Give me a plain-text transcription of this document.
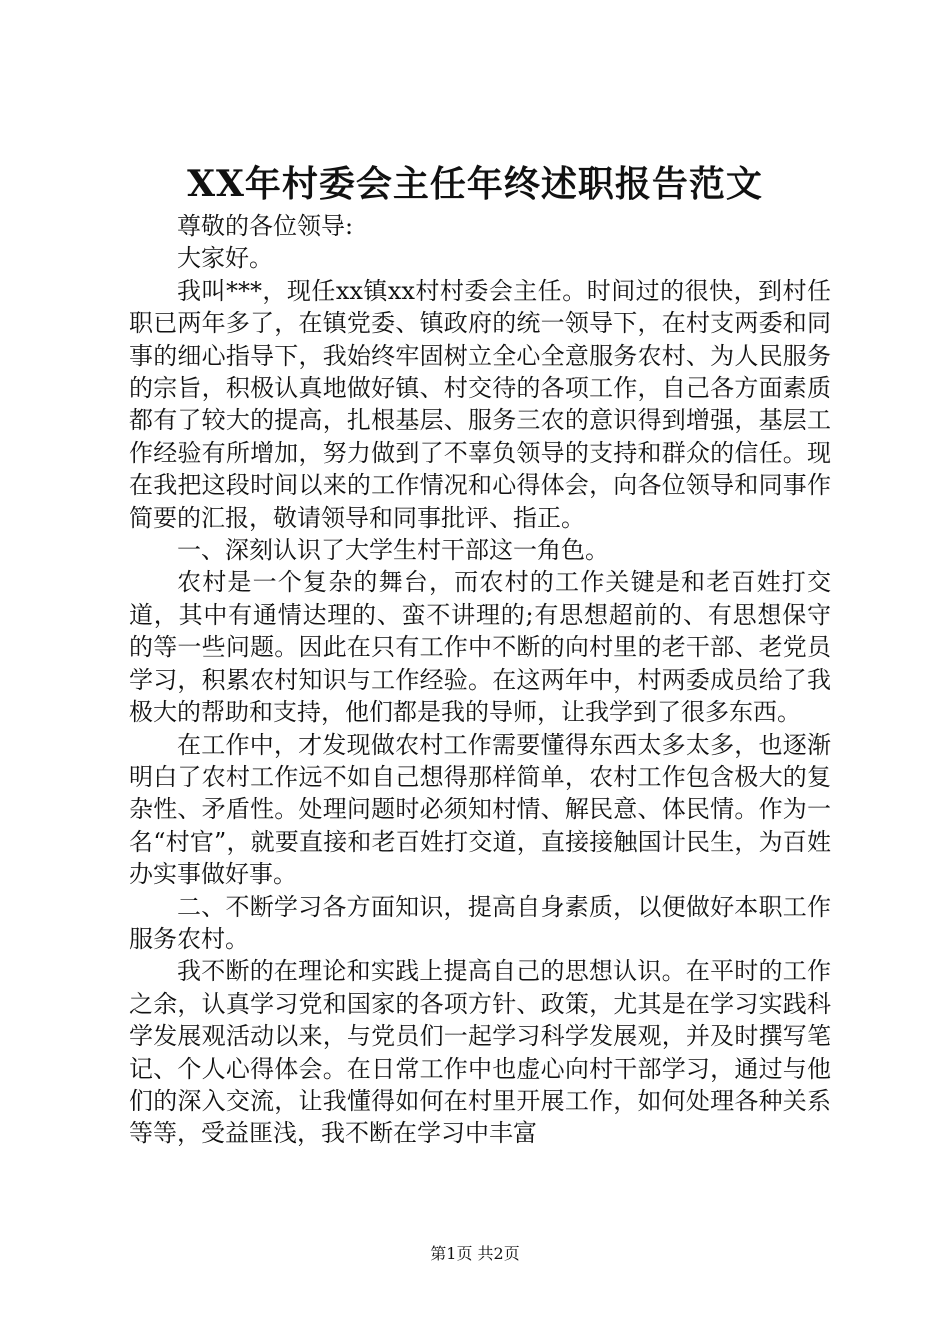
XX年村委会主任年终述职报告范文

尊敬的各位领导:

大家好。

我叫***，现任xx镇xx村村委会主任。时间过的很快，到村任职已两年多了，在镇党委、镇政府的统一领导下，在村支两委和同事的细心指导下，我始终牢固树立全心全意服务农村、为人民服务的宗旨，积极认真地做好镇、村交待的各项工作，自己各方面素质都有了较大的提高，扎根基层、服务三农的意识得到增强，基层工作经验有所增加，努力做到了不辜负领导的支持和群众的信任。现在我把这段时间以来的工作情况和心得体会，向各位领导和同事作简要的汇报，敬请领导和同事批评、指正。

一、深刻认识了大学生村干部这一角色。

农村是一个复杂的舞台，而农村的工作关键是和老百姓打交道，其中有通情达理的、蛮不讲理的;有思想超前的、有思想保守的等一些问题。因此在只有工作中不断的向村里的老干部、老党员学习，积累农村知识与工作经验。在这两年中，村两委成员给了我极大的帮助和支持，他们都是我的导师，让我学到了很多东西。

在工作中，才发现做农村工作需要懂得东西太多太多，也逐渐明白了农村工作远不如自己想得那样简单，农村工作包含极大的复杂性、矛盾性。处理问题时必须知村情、解民意、体民情。作为一名“村官”，就要直接和老百姓打交道，直接接触国计民生，为百姓办实事做好事。

二、不断学习各方面知识，提高自身素质，以便做好本职工作服务农村。

我不断的在理论和实践上提高自己的思想认识。在平时的工作之余，认真学习党和国家的各项方针、政策，尤其是在学习实践科学发展观活动以来，与党员们一起学习科学发展观，并及时撰写笔记、个人心得体会。在日常工作中也虚心向村干部学习，通过与他们的深入交流，让我懂得如何在村里开展工作，如何处理各种关系等等，受益匪浅，我不断在学习中丰富

第1页 共2页
